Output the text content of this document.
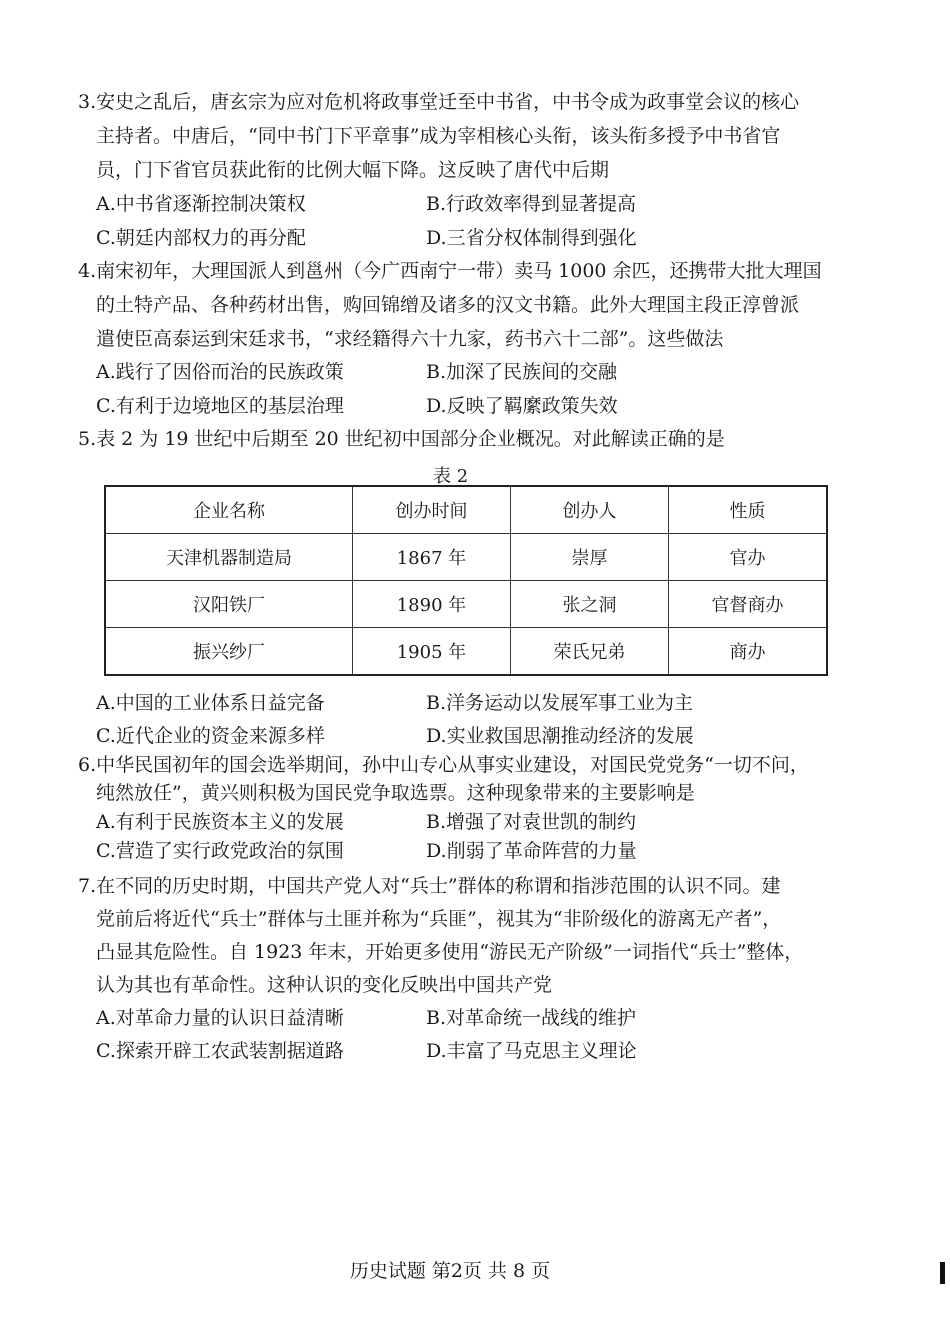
3.安史之乱后，唐玄宗为应对危机将政事堂迁至中书省，中书令成为政事堂会议的核心
主持者。中唐后，“同中书门下平章事”成为宰相核心头衔，该头衔多授予中书省官
员，门下省官员获此衔的比例大幅下降。这反映了唐代中后期
A.中书省逐渐控制决策权	B.行政效率得到显著提高
C.朝廷内部权力的再分配	D.三省分权体制得到强化
4.南宋初年，大理国派人到邕州（今广西南宁一带）卖马 1000 余匹，还携带大批大理国
的土特产品、各种药材出售，购回锦缯及诸多的汉文书籍。此外大理国主段正淳曾派
遣使臣高泰运到宋廷求书，“求经籍得六十九家，药书六十二部”。这些做法
A.践行了因俗而治的民族政策	B.加深了民族间的交融
C.有利于边境地区的基层治理	D.反映了羁縻政策失效
5.表 2 为 19 世纪中后期至 20 世纪初中国部分企业概况。对此解读正确的是
表 2
企业名称	创办时间	创办人	性质
天津机器制造局	1867 年	崇厚	官办
汉阳铁厂	1890 年	张之洞	官督商办
振兴纱厂	1905 年	荣氏兄弟	商办
A.中国的工业体系日益完备	B.洋务运动以发展军事工业为主
C.近代企业的资金来源多样	D.实业救国思潮推动经济的发展
6.中华民国初年的国会选举期间，孙中山专心从事实业建设，对国民党党务“一切不问，
纯然放任”，黄兴则积极为国民党争取选票。这种现象带来的主要影响是
A.有利于民族资本主义的发展	B.增强了对袁世凯的制约
C.营造了实行政党政治的氛围	D.削弱了革命阵营的力量
7.在不同的历史时期，中国共产党人对“兵士”群体的称谓和指涉范围的认识不同。建
党前后将近代“兵士”群体与土匪并称为“兵匪”，视其为“非阶级化的游离无产者”，
凸显其危险性。自 1923 年末，开始更多使用“游民无产阶级”一词指代“兵士”整体，
认为其也有革命性。这种认识的变化反映出中国共产党
A.对革命力量的认识日益清晰	B.对革命统一战线的维护
C.探索开辟工农武装割据道路	D.丰富了马克思主义理论
历史试题 第2页 共 8 页
